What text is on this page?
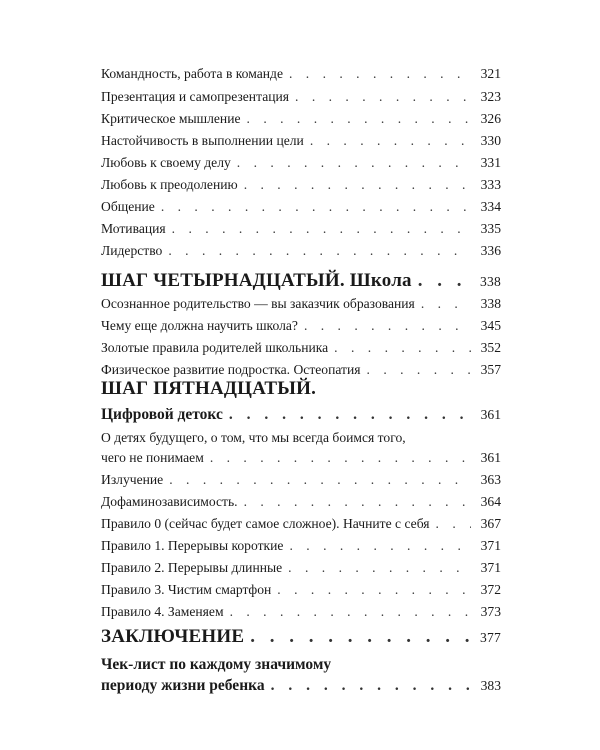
Командность, работа в команде . . .	321
Презентация и самопрезентация . . .	323
Критическое мышление . . .	326
Настойчивость в выполнении цели . . .	330
Любовь к своему делу . . .	331
Любовь к преодолению . . .	333
Общение . . .	334
Мотивация . . .	335
Лидерство . . .	336
ШАГ ЧЕТЫРНАДЦАТЫЙ. Школа . . .	338
Осознанное родительство — вы заказчик образования . . .	338
Чему еще должна научить школа? . . .	345
Золотые правила родителей школьника . . .	352
Физическое развитие подростка. Остеопатия . . .	357
ШАГ ПЯТНАДЦАТЫЙ.
Цифровой детокс . . .	361
О детях будущего, о том, что мы всегда боимся того,
чего не понимаем . . .	361
Излучение . . .	363
Дофаминозависимость. . . .	364
Правило 0 (сейчас будет самое сложное). Начните с себя . . .	367
Правило 1. Перерывы короткие . . .	371
Правило 2. Перерывы длинные . . .	371
Правило 3. Чистим смартфон . . .	372
Правило 4. Заменяем . . .	373
ЗАКЛЮЧЕНИЕ . . .	377
Чек-лист по каждому значимому
периоду жизни ребенка . . .	383
